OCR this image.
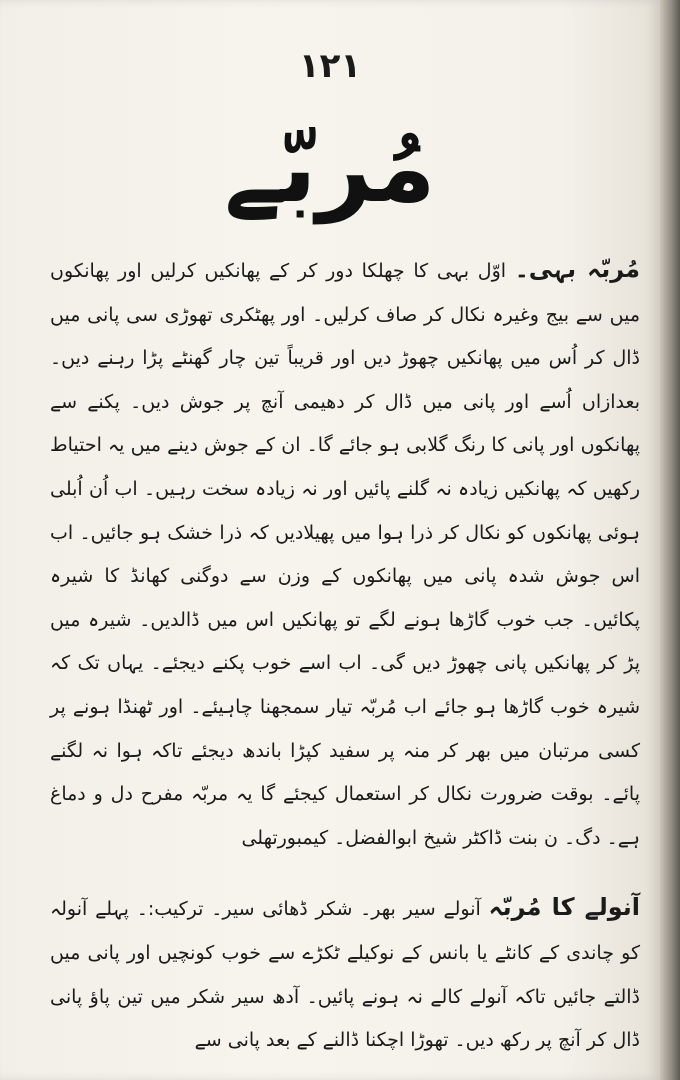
١٢١
مُربّے

مُربّہ بہی۔ اوّل بہی کا چھلکا دور کر کے پھانکیں کرلیں اور پھانکوں میں سے بیج وغیرہ نکال کر صاف کرلیں۔ اور پھٹکری تھوڑی سی پانی میں ڈال کر اُس میں پھانکیں چھوڑ دیں اور قریباً تین چار گھنٹے پڑا رہنے دیں۔ بعدازاں اُسے اور پانی میں ڈال کر دھیمی آنچ پر جوش دیں۔ پکنے سے پھانکوں اور پانی کا رنگ گلابی ہو جائے گا۔ ان کے جوش دینے میں یہ احتیاط رکھیں کہ پھانکیں زیادہ نہ گلنے پائیں اور نہ زیادہ سخت رہیں۔ اب اُن اُبلی ہوئی پھانکوں کو نکال کر ذرا ہوا میں پھیلادیں کہ ذرا خشک ہو جائیں۔ اب اس جوش شدہ پانی میں پھانکوں کے وزن سے دوگنی کھانڈ کا شیرہ پکائیں۔ جب خوب گاڑھا ہونے لگے تو پھانکیں اس میں ڈالدیں۔ شیرہ میں پڑ کر پھانکیں پانی چھوڑ دیں گی۔ اب اسے خوب پکنے دیجئے۔ یہاں تک کہ شیرہ خوب گاڑھا ہو جائے اب مُربّہ تیار سمجھنا چاہیئے۔ اور ٹھنڈا ہونے پر کسی مرتبان میں بھر کر منہ پر سفید کپڑا باندھ دیجئے تاکہ ہوا نہ لگنے پائے۔ بوقت ضرورت نکال کر استعمال کیجئے گا یہ مربّہ مفرح دل و دماغ ہے۔ دگ۔ ن بنت ڈاکٹر شیخ ابوالفضل۔ کیمبورتھلی

آنولے کا مُربّہ آنولے سیر بھر۔ شکر ڈھائی سیر۔ ترکیب:۔ پہلے آنولہ کو چاندی کے کانٹے یا بانس کے نوکیلے ٹکڑے سے خوب کونچیں اور پانی میں ڈالتے جائیں تاکہ آنولے کالے نہ ہونے پائیں۔ آدھ سیر شکر میں تین پاؤ پانی ڈال کر آنچ پر رکھ دیں۔ تھوڑا اچکنا ڈالنے کے بعد پانی سے
